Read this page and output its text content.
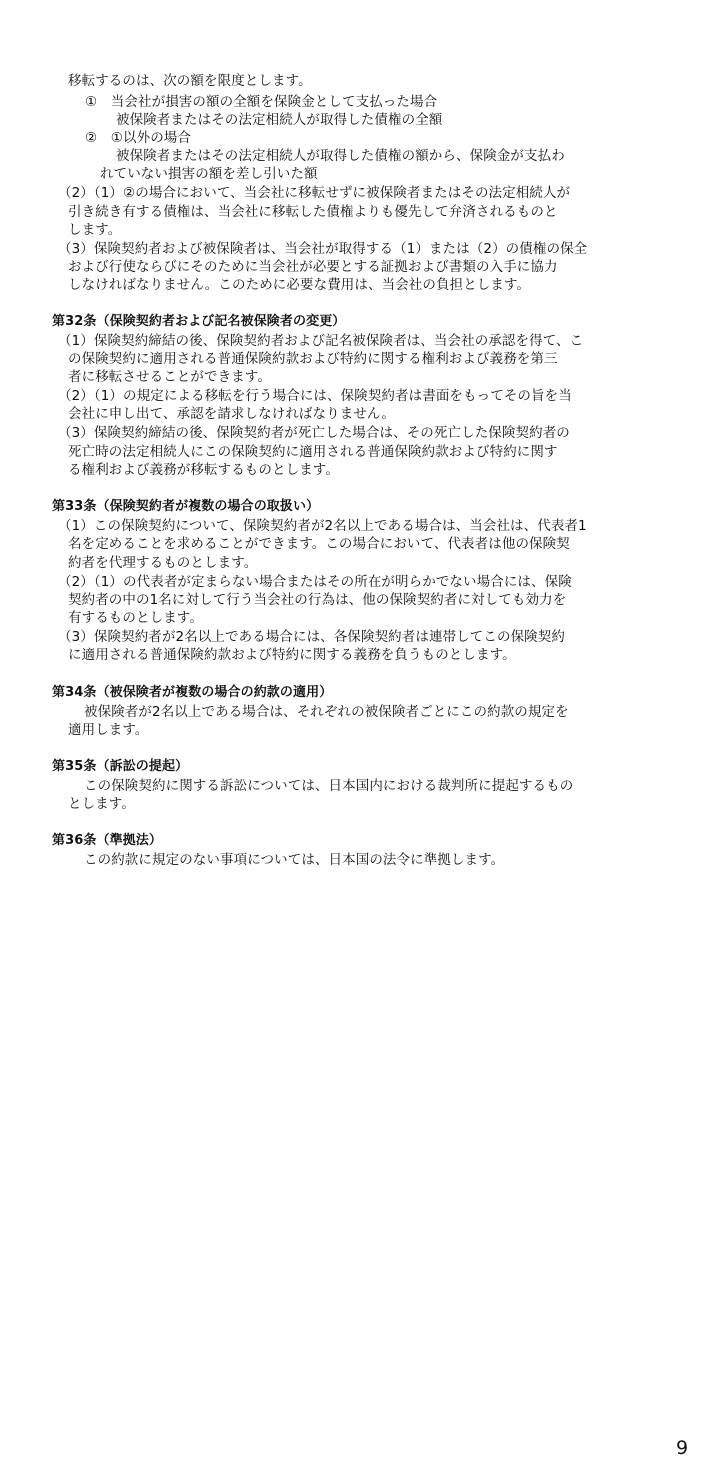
移転するのは、次の額を限度とします。
①　当会社が損害の額の全額を保険金として支払った場合
被保険者またはその法定相続人が取得した債権の全額
②　①以外の場合
被保険者またはその法定相続人が取得した債権の額から、保険金が支払わ
れていない損害の額を差し引いた額
（2）（1）②の場合において、当会社に移転せずに被保険者またはその法定相続人が
引き続き有する債権は、当会社に移転した債権よりも優先して弁済されるものと
します。
（3）保険契約者および被保険者は、当会社が取得する（1）または（2）の債権の保全
および行使ならびにそのために当会社が必要とする証拠および書類の入手に協力
しなければなりません。このために必要な費用は、当会社の負担とします。
第32条（保険契約者および記名被保険者の変更）
（1）保険契約締結の後、保険契約者および記名被保険者は、当会社の承認を得て、こ
の保険契約に適用される普通保険約款および特約に関する権利および義務を第三
者に移転させることができます。
（2）（1）の規定による移転を行う場合には、保険契約者は書面をもってその旨を当
会社に申し出て、承認を請求しなければなりません。
（3）保険契約締結の後、保険契約者が死亡した場合は、その死亡した保険契約者の
死亡時の法定相続人にこの保険契約に適用される普通保険約款および特約に関す
る権利および義務が移転するものとします。
第33条（保険契約者が複数の場合の取扱い）
（1）この保険契約について、保険契約者が2名以上である場合は、当会社は、代表者1
名を定めることを求めることができます。この場合において、代表者は他の保険契
約者を代理するものとします。
（2）（1）の代表者が定まらない場合またはその所在が明らかでない場合には、保険
契約者の中の1名に対して行う当会社の行為は、他の保険契約者に対しても効力を
有するものとします。
（3）保険契約者が2名以上である場合には、各保険契約者は連帯してこの保険契約
に適用される普通保険約款および特約に関する義務を負うものとします。
第34条（被保険者が複数の場合の約款の適用）
被保険者が2名以上である場合は、それぞれの被保険者ごとにこの約款の規定を
適用します。
第35条（訴訟の提起）
この保険契約に関する訴訟については、日本国内における裁判所に提起するもの
とします。
第36条（準拠法）
この約款に規定のない事項については、日本国の法令に準拠します。
9
